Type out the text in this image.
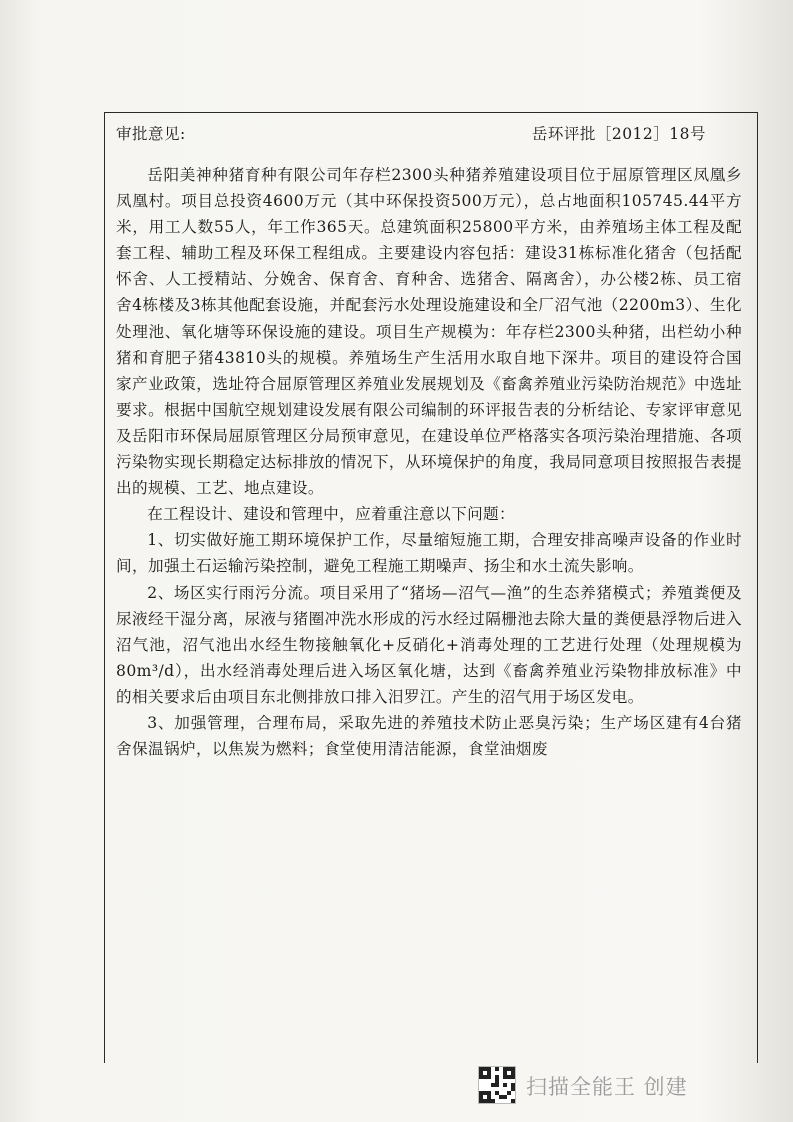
审批意见:	岳环评批［2012］18号

岳阳美神种猪育种有限公司年存栏2300头种猪养殖建设项目位于屈原管理区凤凰乡凤凰村。项目总投资4600万元（其中环保投资500万元），总占地面积105745.44平方米，用工人数55人，年工作365天。总建筑面积25800平方米，由养殖场主体工程及配套工程、辅助工程及环保工程组成。主要建设内容包括：建设31栋标准化猪舍（包括配怀舍、人工授精站、分娩舍、保育舍、育种舍、选猪舍、隔离舍），办公楼2栋、员工宿舍4栋楼及3栋其他配套设施，并配套污水处理设施建设和全厂沼气池（2200m3）、生化处理池、氧化塘等环保设施的建设。项目生产规模为：年存栏2300头种猪，出栏幼小种猪和育肥子猪43810头的规模。养殖场生产生活用水取自地下深井。项目的建设符合国家产业政策，选址符合屈原管理区养殖业发展规划及《畜禽养殖业污染防治规范》中选址要求。根据中国航空规划建设发展有限公司编制的环评报告表的分析结论、专家评审意见及岳阳市环保局屈原管理区分局预审意见，在建设单位严格落实各项污染治理措施、各项污染物实现长期稳定达标排放的情况下，从环境保护的角度，我局同意项目按照报告表提出的规模、工艺、地点建设。

在工程设计、建设和管理中，应着重注意以下问题：

1、切实做好施工期环境保护工作，尽量缩短施工期，合理安排高噪声设备的作业时间，加强土石运输污染控制，避免工程施工期噪声、扬尘和水土流失影响。

2、场区实行雨污分流。项目采用了“猪场—沼气—渔”的生态养猪模式；养殖粪便及尿液经干湿分离，尿液与猪圈冲洗水形成的污水经过隔栅池去除大量的粪便悬浮物后进入沼气池，沼气池出水经生物接触氧化+反硝化+消毒处理的工艺进行处理（处理规模为80m³/d），出水经消毒处理后进入场区氧化塘，达到《畜禽养殖业污染物排放标准》中的相关要求后由项目东北侧排放口排入汨罗江。产生的沼气用于场区发电。

3、加强管理，合理布局，采取先进的养殖技术防止恶臭污染；生产场区建有4台猪舍保温锅炉，以焦炭为燃料；食堂使用清洁能源，食堂油烟废

扫描全能王 创建
